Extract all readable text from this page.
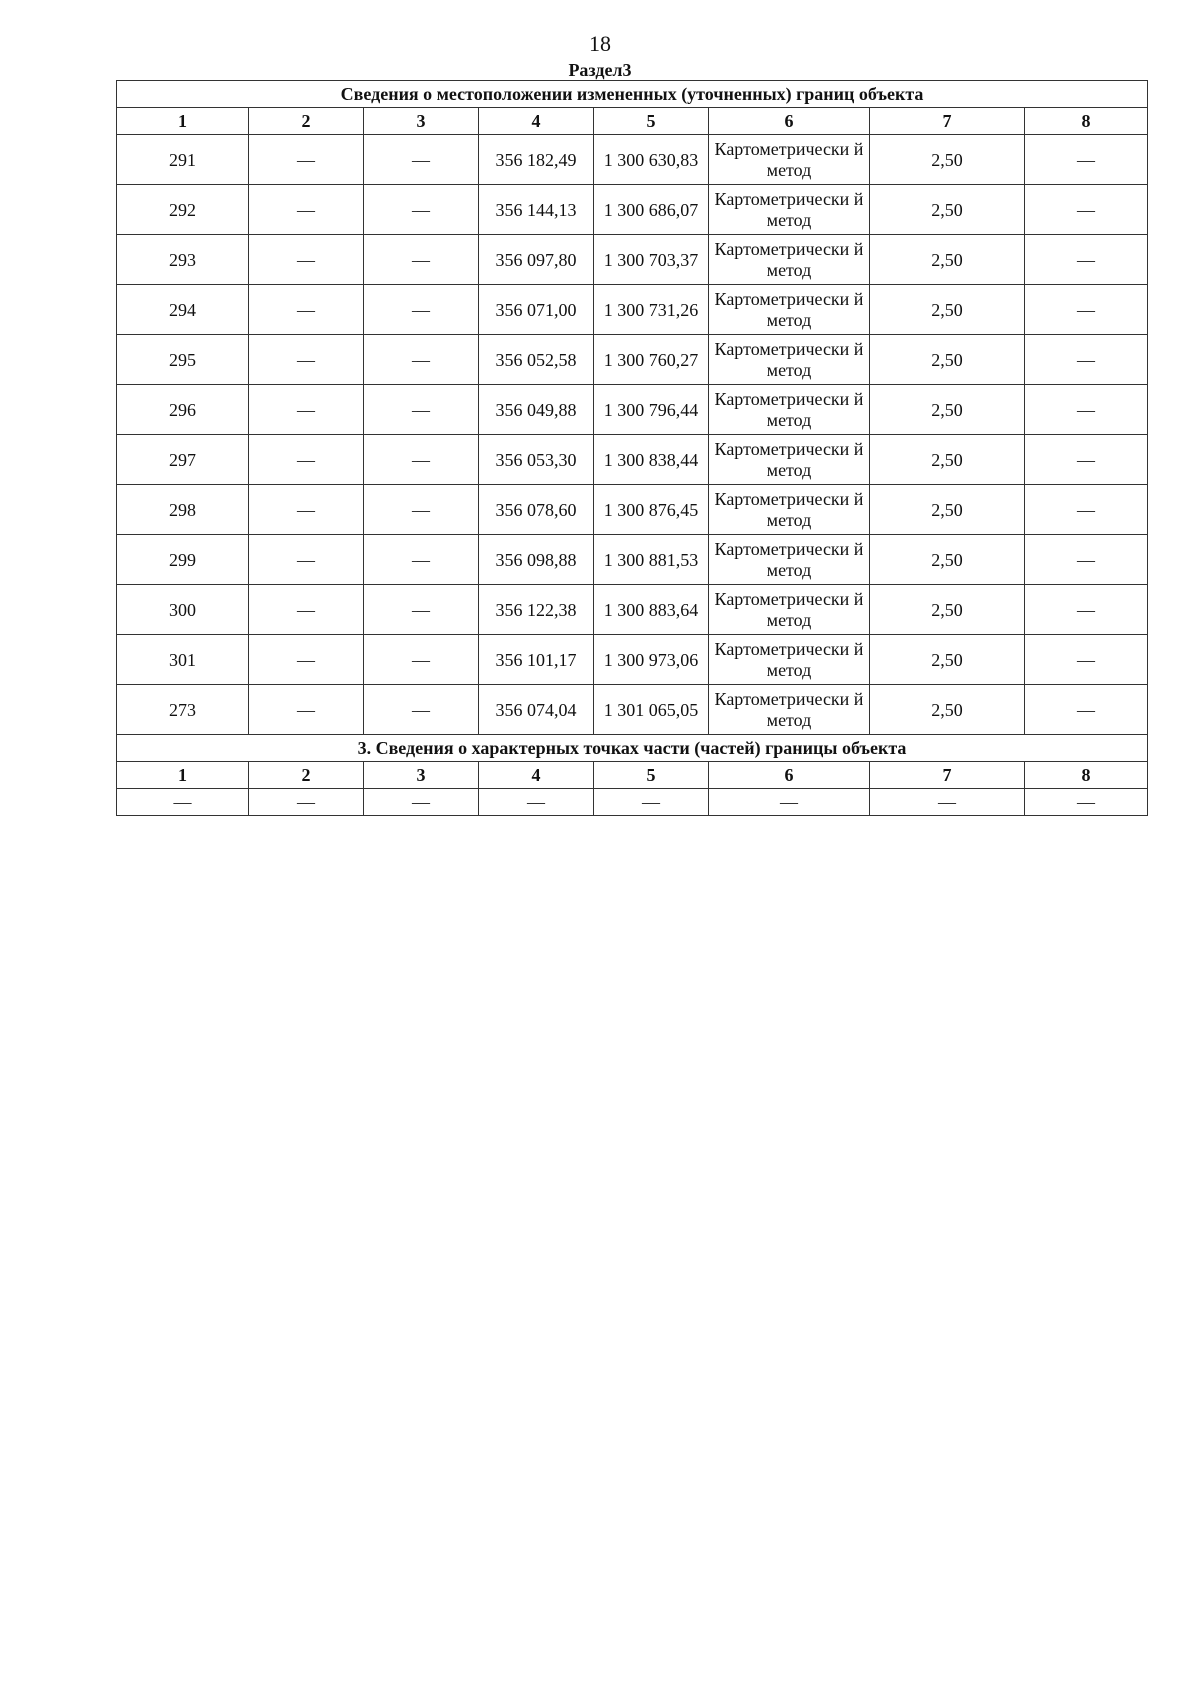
18
Раздел3
Сведения о местоположении измененных (уточненных) границ объекта							
1	2	3	4	5	6	7	8
291	—	—	356 182,49	1 300 630,83	Картометрически й метод	2,50	—
292	—	—	356 144,13	1 300 686,07	Картометрически й метод	2,50	—
293	—	—	356 097,80	1 300 703,37	Картометрически й метод	2,50	—
294	—	—	356 071,00	1 300 731,26	Картометрически й метод	2,50	—
295	—	—	356 052,58	1 300 760,27	Картометрически й метод	2,50	—
296	—	—	356 049,88	1 300 796,44	Картометрически й метод	2,50	—
297	—	—	356 053,30	1 300 838,44	Картометрически й метод	2,50	—
298	—	—	356 078,60	1 300 876,45	Картометрически й метод	2,50	—
299	—	—	356 098,88	1 300 881,53	Картометрически й метод	2,50	—
300	—	—	356 122,38	1 300 883,64	Картометрически й метод	2,50	—
301	—	—	356 101,17	1 300 973,06	Картометрически й метод	2,50	—
273	—	—	356 074,04	1 301 065,05	Картометрически й метод	2,50	—
3. Сведения о характерных точках части (частей) границы объекта							
1	2	3	4	5	6	7	8
—	—	—	—	—	—	—	—
